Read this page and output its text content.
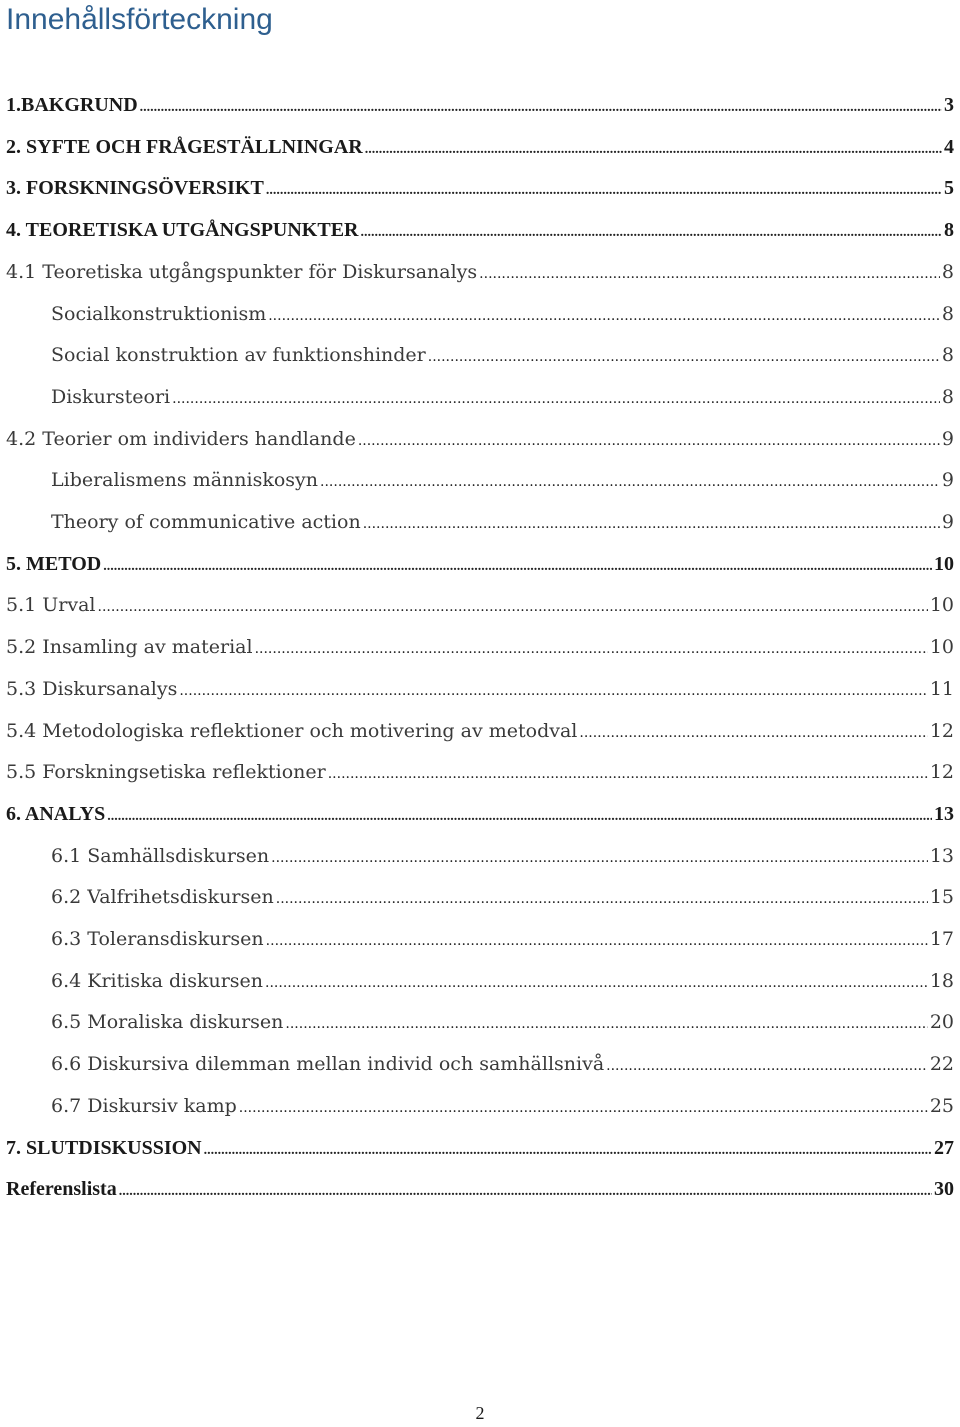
Innehållsförteckning
1.BAKGRUND .....	3
2. SYFTE OCH FRÅGESTÄLLNINGAR .....	4
3. FORSKNINGSÖVERSIKT .....	5
4. TEORETISKA UTGÅNGSPUNKTER .....	8
4.1 Teoretiska utgångspunkter för Diskursanalys .....	8
Socialkonstruktionism .....	8
Social konstruktion av funktionshinder .....	8
Diskursteori .....	8
4.2 Teorier om individers handlande .....	9
Liberalismens människosyn .....	9
Theory of communicative action .....	9
5. METOD .....	10
5.1 Urval .....	10
5.2 Insamling av material .....	10
5.3 Diskursanalys .....	11
5.4 Metodologiska reflektioner och motivering av metodval .....	12
5.5 Forskningsetiska reflektioner .....	12
6. ANALYS .....	13
6.1 Samhällsdiskursen .....	13
6.2 Valfrihetsdiskursen .....	15
6.3 Toleransdiskursen .....	17
6.4 Kritiska diskursen .....	18
6.5 Moraliska diskursen .....	20
6.6 Diskursiva dilemman mellan individ och samhällsnivå .....	22
6.7 Diskursiv kamp .....	25
7. SLUTDISKUSSION .....	27
Referenslista .....	30
2
